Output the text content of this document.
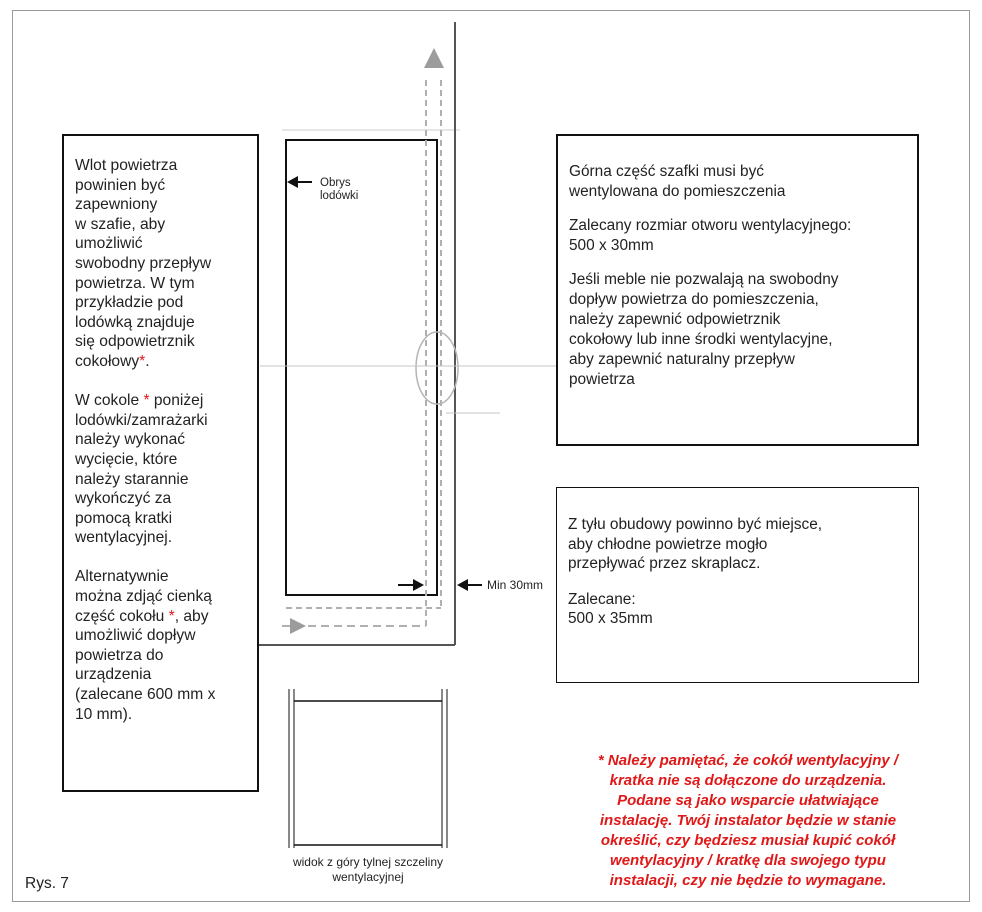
Wlot powietrza
powinien być
zapewniony
w szafie, aby
umożliwić
swobodny przepływ
powietrza. W tym
przykładzie pod
lodówką znajduje
się odpowietrznik
cokołowy*.
W cokole * poniżej
lodówki/zamrażarki
należy wykonać
wycięcie, które
należy starannie
wykończyć za
pomocą kratki
wentylacyjnej.
Alternatywnie
można zdjąć cienką
część cokołu *, aby
umożliwić dopływ
powietrza do
urządzenia
(zalecane 600 mm x
10 mm).
Górna część szafki musi być
wentylowana do pomieszczenia
Zalecany rozmiar otworu wentylacyjnego:
500 x 30mm
Jeśli meble nie pozwalają na swobodny
dopływ powietrza do pomieszczenia,
należy zapewnić odpowietrznik
cokołowy lub inne środki wentylacyjne,
aby zapewnić naturalny przepływ
powietrza
Z tyłu obudowy powinno być miejsce,
aby chłodne powietrze mogło
przepływać przez skraplacz.
Zalecane:
500 x 35mm
Obrys
lodówki
Min 30mm
widok z góry tylnej szczeliny
wentylacyjnej
* Należy pamiętać, że cokół wentylacyjny /
kratka nie są dołączone do urządzenia.
Podane są jako wsparcie ułatwiające
instalację. Twój instalator będzie w stanie
określić, czy będziesz musiał kupić cokół
wentylacyjny / kratkę dla swojego typu
instalacji, czy nie będzie to wymagane.
Rys. 7
